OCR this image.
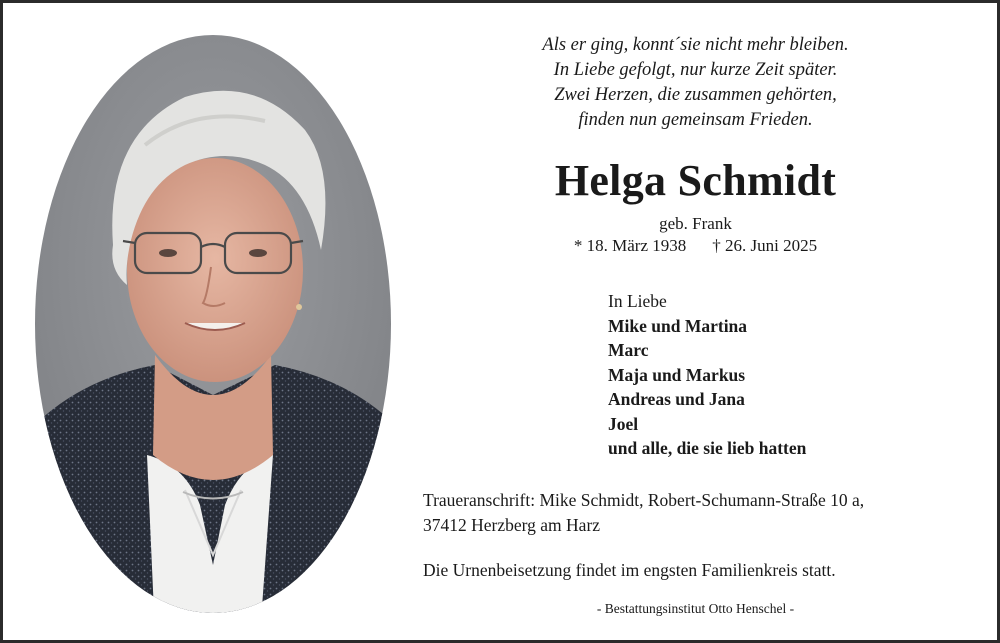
Als er ging, konnt´sie nicht mehr bleiben.
In Liebe gefolgt, nur kurze Zeit später.
Zwei Herzen, die zusammen gehörten,
finden nun gemeinsam Frieden.
Helga Schmidt
geb. Frank
* 18. März 1938 † 26. Juni 2025
In Liebe
Mike und Martina
Marc
Maja und Markus
Andreas und Jana
Joel
und alle, die sie lieb hatten
Traueranschrift: Mike Schmidt, Robert-Schumann-Straße 10 a,
37412 Herzberg am Harz
Die Urnenbeisetzung findet im engsten Familienkreis statt.
- Bestattungsinstitut Otto Henschel -
